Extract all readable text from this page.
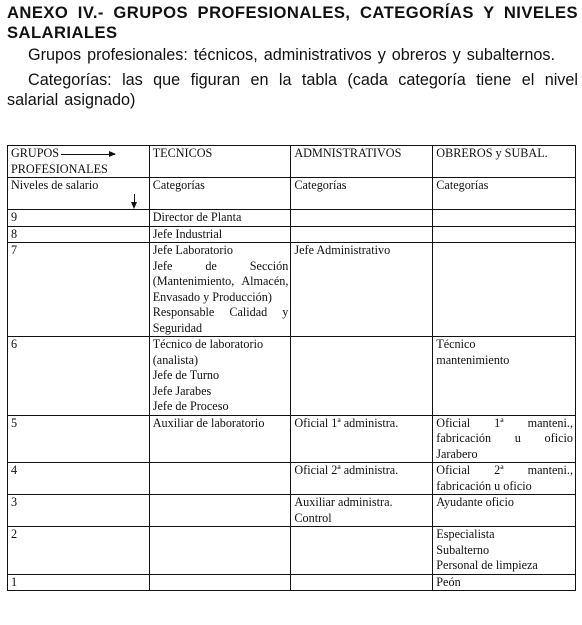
ANEXO IV.- GRUPOS PROFESIONALES, CATEGORÍAS Y NIVELES SALARIALES

Grupos profesionales: técnicos, administrativos y obreros y subalternos.

Categorías: las que figuran en la tabla (cada categoría tiene el nivel salarial asignado)

GRUPOS
PROFESIONALES	TECNICOS	ADMNISTRATIVOS	OBREROS y SUBAL.
Niveles de salario	Categorías	Categorías	Categorías
9	Director de Planta		

8	Jefe Industrial		

7	Jefe Laboratorio
Jefe de Sección (Mantenimiento, Almacén, Envasado y Producción)
Responsable Calidad y Seguridad	Jefe Administrativo	

6	Técnico de laboratorio (analista)
Jefe de Turno
Jefe Jarabes
Jefe de Proceso		Técnico mantenimiento

5	Auxiliar de laboratorio	Oficial 1ª administra.	Oficial 1ª manteni., fabricación u oficio Jarabero

4		Oficial 2ª administra.	Oficial 2ª manteni., fabricación u oficio

3		Auxiliar administra. Control	Ayudante oficio

2			Especialista
Subalterno
Personal de limpieza

1			Peón
